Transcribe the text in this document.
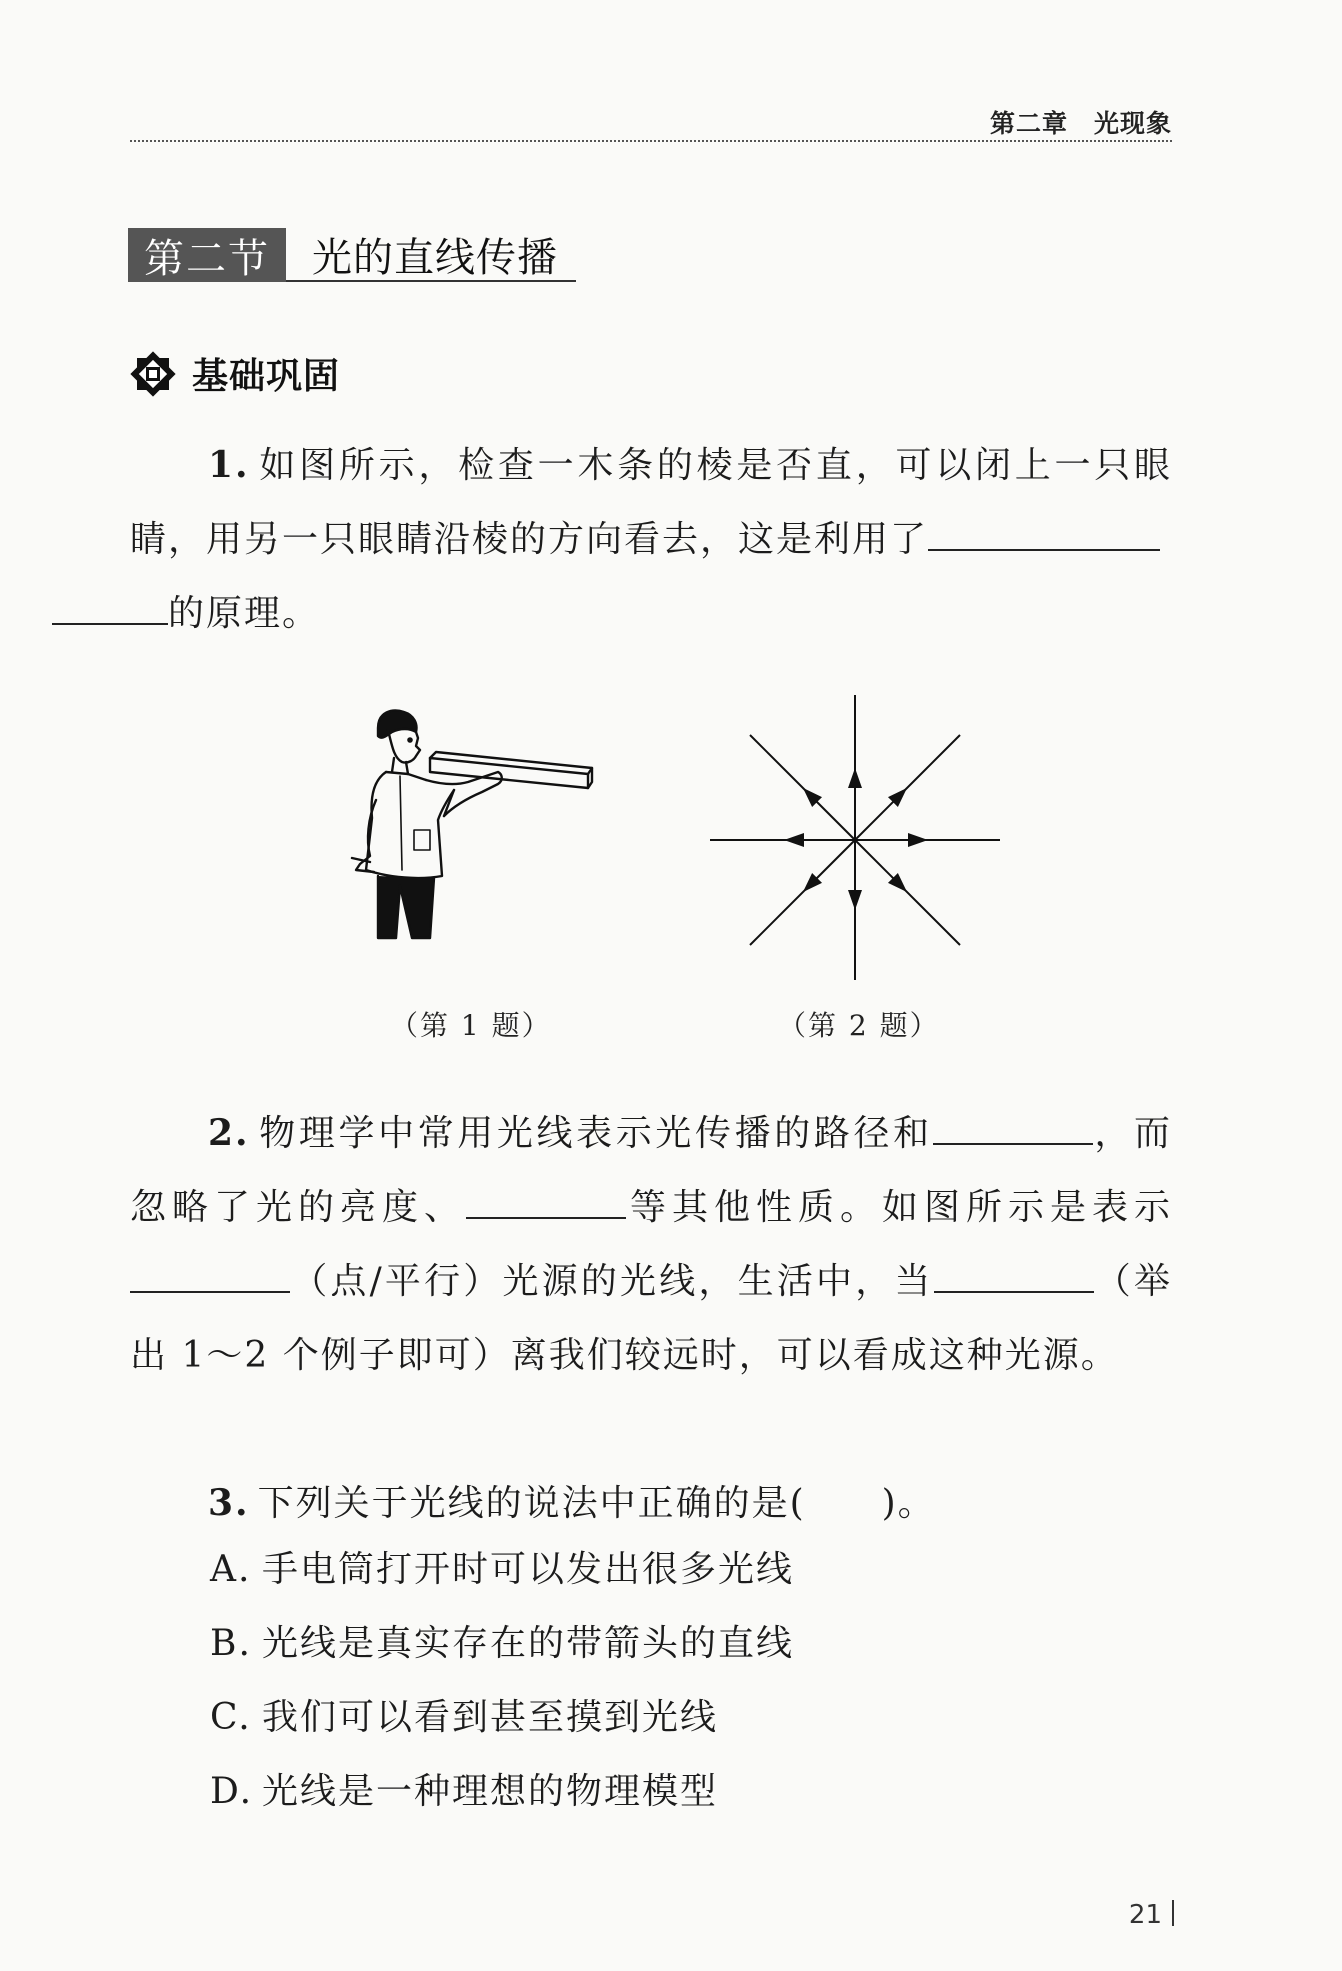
第二章 光现象
第二节	光的直线传播
基础巩固
1. 如图所示，检查一木条的棱是否直，可以闭上一只眼睛，用另一只眼睛沿棱的方向看去，这是利用了
的原理。
（第 1 题）	（第 2 题）
2. 物理学中常用光线表示光传播的路径和	，而忽略了光的亮度、	等其他性质。如图所示是表示（点/平行）光源的光线，生活中，当	（举出 1～2 个例子即可）离我们较远时，可以看成这种光源。
3. 下列关于光线的说法中正确的是(　　)。
A. 手电筒打开时可以发出很多光线
B. 光线是真实存在的带箭头的直线
C. 我们可以看到甚至摸到光线
D. 光线是一种理想的物理模型
21
